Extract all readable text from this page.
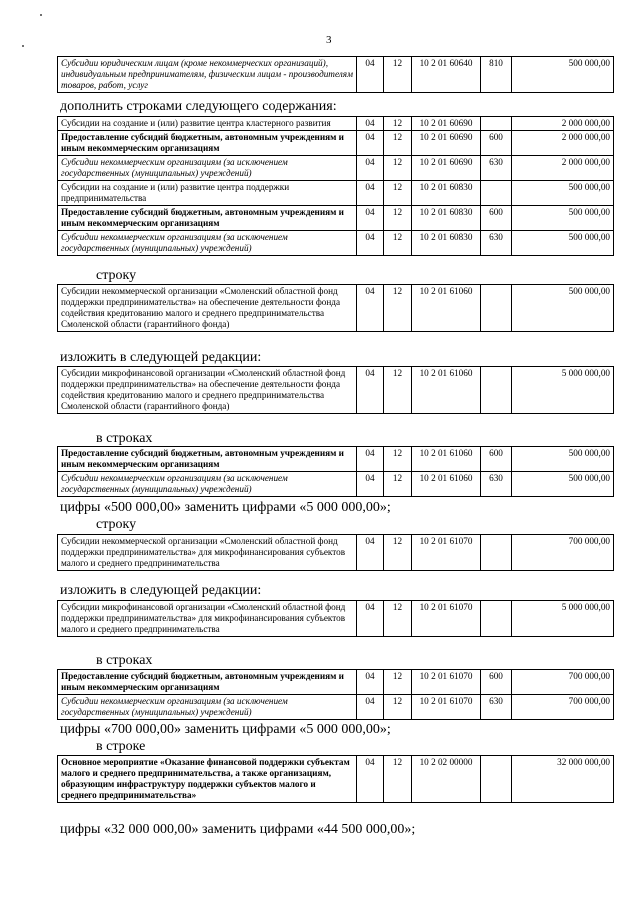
3
Субсидии юридическим лицам (кроме некоммерческих организаций), индивидуальным предпринимателям, физическим лицам - производителям товаров, работ, услуг	04	12	10 2 01 60640	810	500 000,00
дополнить строками следующего содержания:
Субсидии на создание и (или) развитие центра кластерного развития	04	12	10 2 01 60690		2 000 000,00
Предоставление субсидий бюджетным, автономным учреждениям и иным некоммерческим организациям	04	12	10 2 01 60690	600	2 000 000,00
Субсидии некоммерческим организациям (за исключением государственных (муниципальных) учреждений)	04	12	10 2 01 60690	630	2 000 000,00
Субсидии на создание и (или) развитие центра поддержки предпринимательства	04	12	10 2 01 60830		500 000,00
Предоставление субсидий бюджетным, автономным учреждениям и иным некоммерческим организациям	04	12	10 2 01 60830	600	500 000,00
Субсидии некоммерческим организациям (за исключением государственных (муниципальных) учреждений)	04	12	10 2 01 60830	630	500 000,00
строку
Субсидии некоммерческой организации «Смоленский областной фонд поддержки предпринимательства» на обеспечение деятельности фонда содействия кредитованию малого и среднего предпринимательства Смоленской области (гарантийного фонда)	04	12	10 2 01 61060		500 000,00
изложить в следующей редакции:
Субсидии микрофинансовой организации «Смоленский областной фонд поддержки предпринимательства» на обеспечение деятельности фонда содействия кредитованию малого и среднего предпринимательства Смоленской области (гарантийного фонда)	04	12	10 2 01 61060		5 000 000,00
в строках
Предоставление субсидий бюджетным, автономным учреждениям и иным некоммерческим организациям	04	12	10 2 01 61060	600	500 000,00
Субсидии некоммерческим организациям (за исключением государственных (муниципальных) учреждений)	04	12	10 2 01 61060	630	500 000,00
цифры «500 000,00» заменить цифрами «5 000 000,00»;
строку
Субсидии некоммерческой организации «Смоленский областной фонд поддержки предпринимательства» для микрофинансирования субъектов малого и среднего предпринимательства	04	12	10 2 01 61070		700 000,00
изложить в следующей редакции:
Субсидии микрофинансовой организации «Смоленский областной фонд поддержки предпринимательства» для микрофинансирования субъектов малого и среднего предпринимательства	04	12	10 2 01 61070		5 000 000,00
в строках
Предоставление субсидий бюджетным, автономным учреждениям и иным некоммерческим организациям	04	12	10 2 01 61070	600	700 000,00
Субсидии некоммерческим организациям (за исключением государственных (муниципальных) учреждений)	04	12	10 2 01 61070	630	700 000,00
цифры «700 000,00» заменить цифрами «5 000 000,00»;
в строке
Основное мероприятие «Оказание финансовой поддержки субъектам малого и среднего предпринимательства, а также организациям, образующим инфраструктуру поддержки субъектов малого и среднего предпринимательства»	04	12	10 2 02 00000		32 000 000,00
цифры «32 000 000,00» заменить цифрами «44 500 000,00»;
